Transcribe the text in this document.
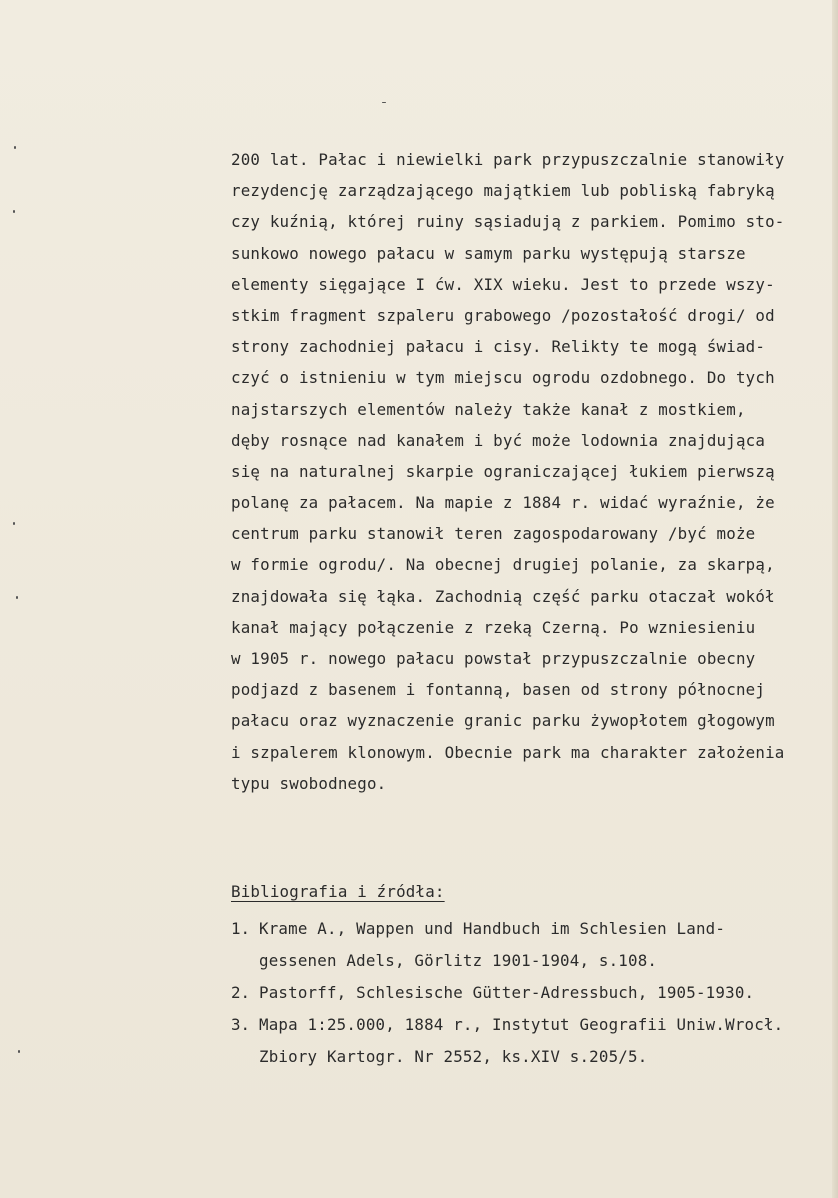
200 lat. Pałac i niewielki park przypuszczalnie stanowiły
rezydencję zarządzającego majątkiem lub pobliską fabryką
czy kuźnią, której ruiny sąsiadują z parkiem. Pomimo sto-
sunkowo nowego pałacu w samym parku występują starsze
elementy sięgające I ćw. XIX wieku. Jest to przede wszy-
stkim fragment szpaleru grabowego /pozostałość drogi/ od
strony zachodniej pałacu i cisy. Relikty te mogą świad-
czyć o istnieniu w tym miejscu ogrodu ozdobnego. Do tych
najstarszych elementów należy także kanał z mostkiem,
dęby rosnące nad kanałem i być może lodownia znajdująca
się na naturalnej skarpie ograniczającej łukiem pierwszą
polanę za pałacem. Na mapie z 1884 r. widać wyraźnie, że
centrum parku stanowił teren zagospodarowany /być może
w formie ogrodu/. Na obecnej drugiej polanie, za skarpą,
znajdowała się łąka. Zachodnią część parku otaczał wokół
kanał mający połączenie z rzeką Czerną. Po wzniesieniu
w 1905 r. nowego pałacu powstał przypuszczalnie obecny
podjazd z basenem i fontanną, basen od strony północnej
pałacu oraz wyznaczenie granic parku żywopłotem głogowym
i szpalerem klonowym. Obecnie park ma charakter założenia
typu swobodnego.
Bibliografia i źródła:
1. Krame A., Wappen und Handbuch im Schlesien Land-
gessenen Adels, Görlitz 1901-1904, s.108.
2. Pastorff, Schlesische Gütter-Adressbuch, 1905-1930.
3. Mapa 1:25.000, 1884 r., Instytut Geografii Uniw.Wrocł.
Zbiory Kartogr. Nr 2552, ks.XIV s.205/5.
